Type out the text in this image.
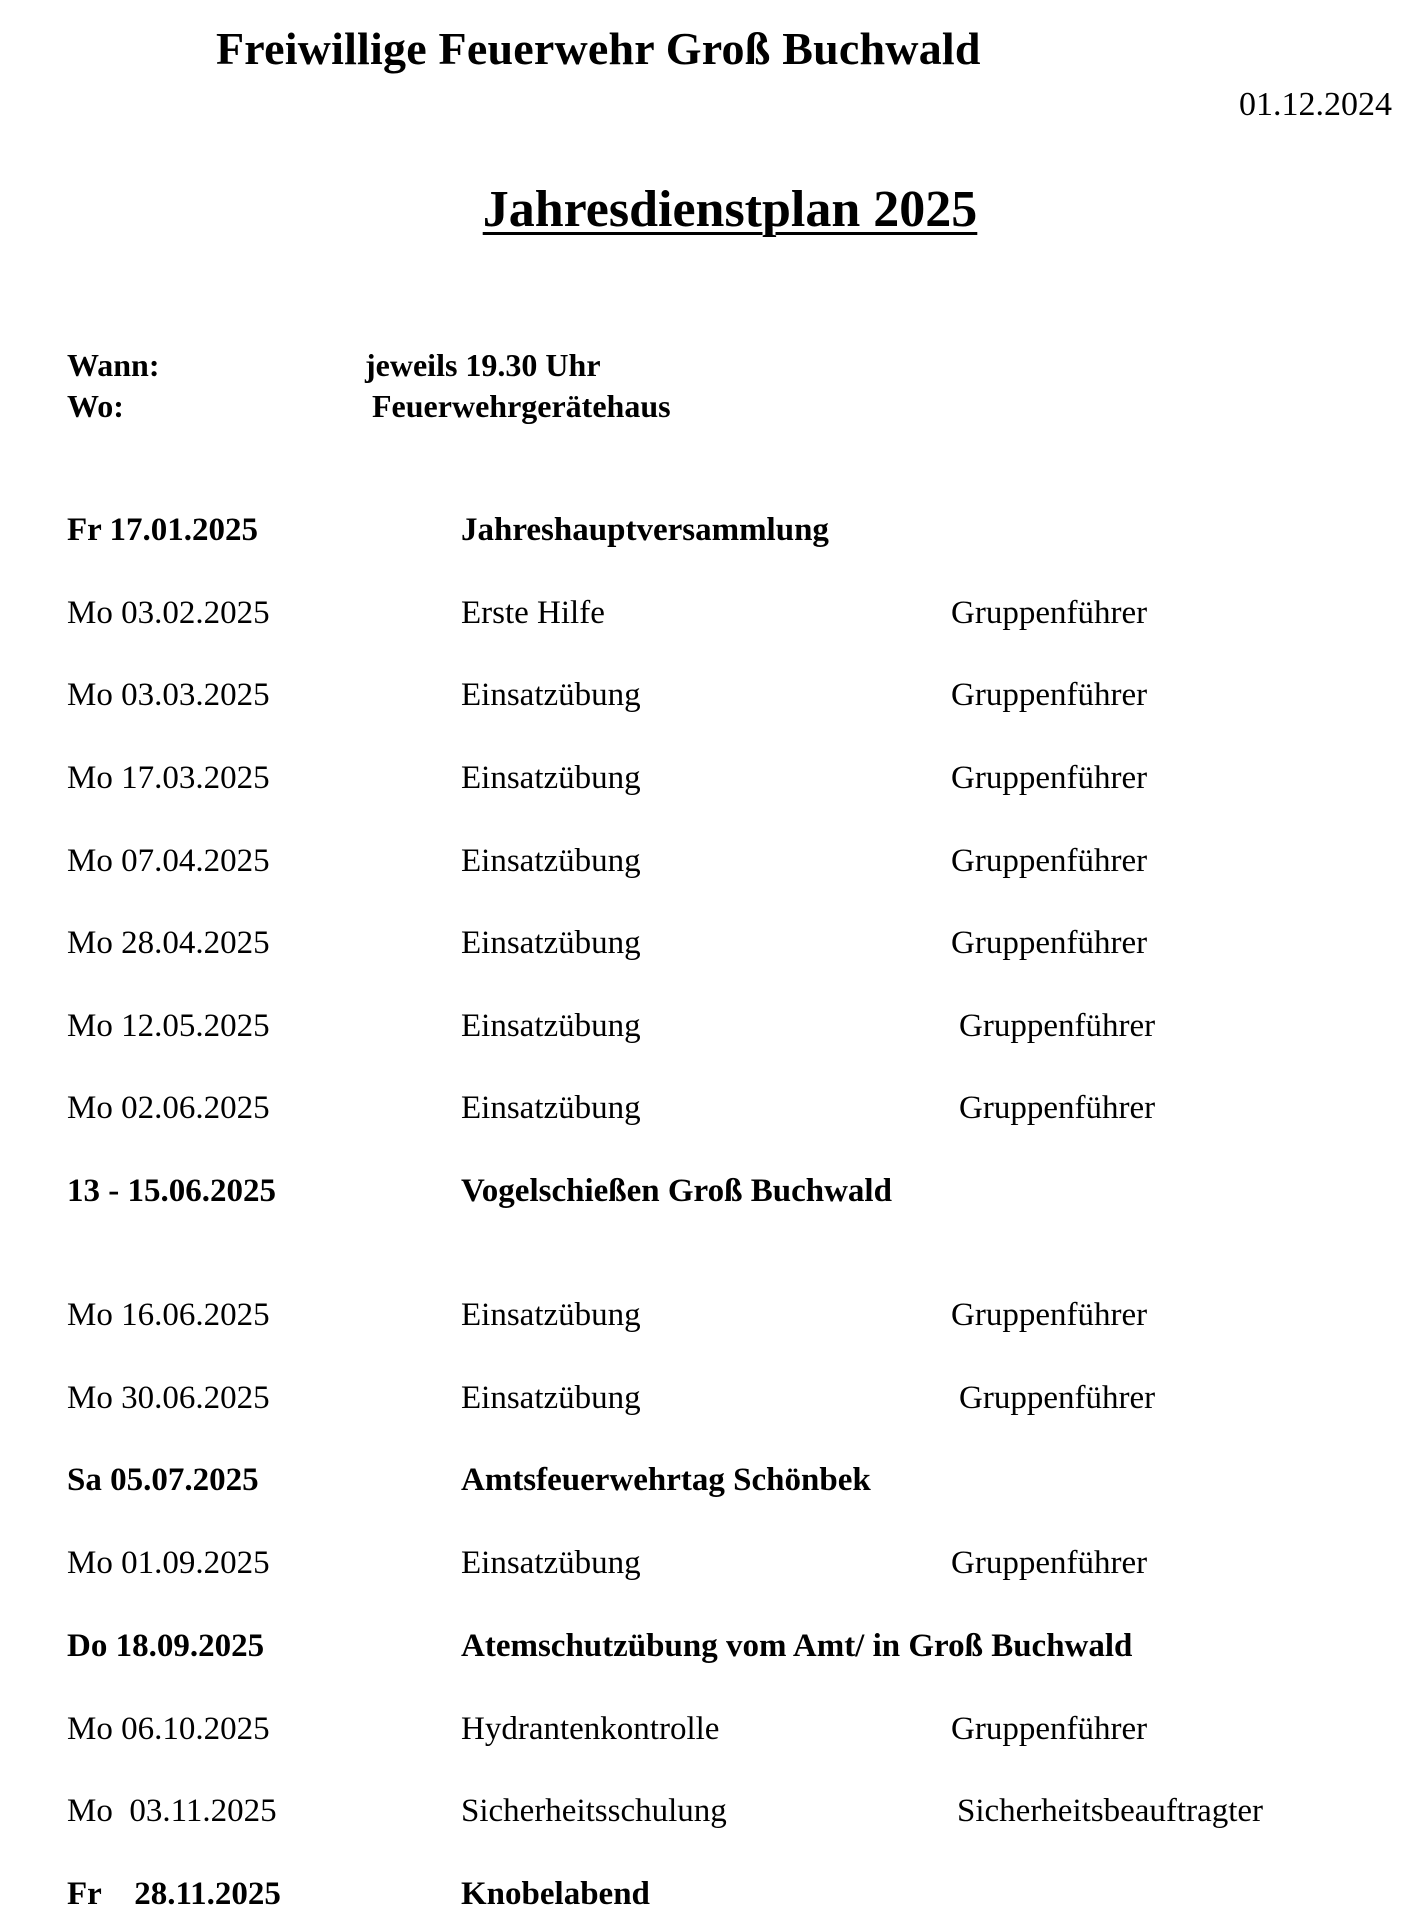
Freiwillige Feuerwehr Groß Buchwald
01.12.2024
Jahresdienstplan 2025
Wann:	jeweils 19.30 Uhr
Wo:	Feuerwehrgerätehaus
Fr 17.01.2025	Jahreshauptversammlung
Mo 03.02.2025	Erste Hilfe	Gruppenführer
Mo 03.03.2025	Einsatzübung	Gruppenführer
Mo 17.03.2025	Einsatzübung	Gruppenführer
Mo 07.04.2025	Einsatzübung	Gruppenführer
Mo 28.04.2025	Einsatzübung	Gruppenführer
Mo 12.05.2025	Einsatzübung	Gruppenführer
Mo 02.06.2025	Einsatzübung	Gruppenführer
13 - 15.06.2025	Vogelschießen Groß Buchwald
Mo 16.06.2025	Einsatzübung	Gruppenführer
Mo 30.06.2025	Einsatzübung	Gruppenführer
Sa 05.07.2025	Amtsfeuerwehrtag Schönbek
Mo 01.09.2025	Einsatzübung	Gruppenführer
Do 18.09.2025	Atemschutzübung vom Amt/ in Groß Buchwald
Mo 06.10.2025	Hydrantenkontrolle	Gruppenführer
Mo  03.11.2025	Sicherheitsschulung	Sicherheitsbeauftragter
Fr    28.11.2025	Knobelabend
